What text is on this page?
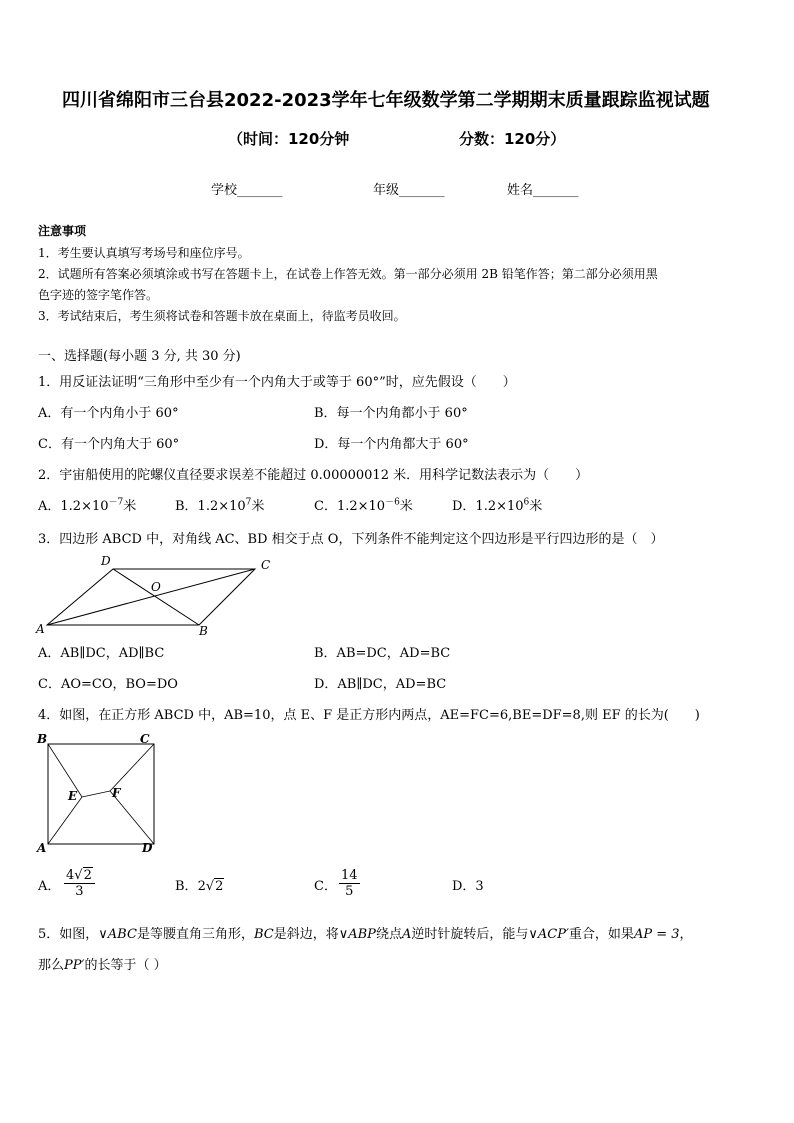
四川省绵阳市三台县2022-2023学年七年级数学第二学期期末质量跟踪监视试题
（时间：120分钟	分数：120分）
学校_______	年级_______	姓名_______
注意事项
1．考生要认真填写考场号和座位序号。
2．试题所有答案必须填涂或书写在答题卡上，在试卷上作答无效。第一部分必须用 2B 铅笔作答；第二部分必须用黑
色字迹的签字笔作答。
3．考试结束后，考生须将试卷和答题卡放在桌面上，待监考员收回。
一、选择题(每小题 3 分, 共 30 分)
1．用反证法证明“三角形中至少有一个内角大于或等于 60°”时，应先假设（　　）
A．有一个内角小于 60°	B．每一个内角都小于 60°
C．有一个内角大于 60°	D．每一个内角都大于 60°
2．宇宙船使用的陀螺仪直径要求误差不能超过 0.00000012 米．用科学记数法表示为（　　）
A．$1.2\times 10^{-7}$米	B．$1.2\times 10^7$米	C．$1.2\times 10^{-6}$米	D．$1.2\times 10^6$米
3．四边形 ABCD 中，对角线 AC、BD 相交于点 O，下列条件不能判定这个四边形是平行四边形的是（　）
D	C
O
A	B
A．AB∥DC，AD∥BC	B．AB=DC，AD=BC
C．AO=CO，BO=DO	D．AB∥DC，AD=BC
4．如图，在正方形 ABCD 中，AB=10，点 E、F 是正方形内两点，AE=FC=6,BE=DF=8,则 EF 的长为(　　)
B	C
E	F
A	D
A． $\frac{4√2}{3}$	B．2√2	C． $\frac{14}{5}$	D．3
5．如图，∨ABC是等腰直角三角形，BC是斜边，将∨ABP绕点A逆时针旋转后，能与∨ACP′重合，如果AP = 3，
那么PP′的长等于（ ）
